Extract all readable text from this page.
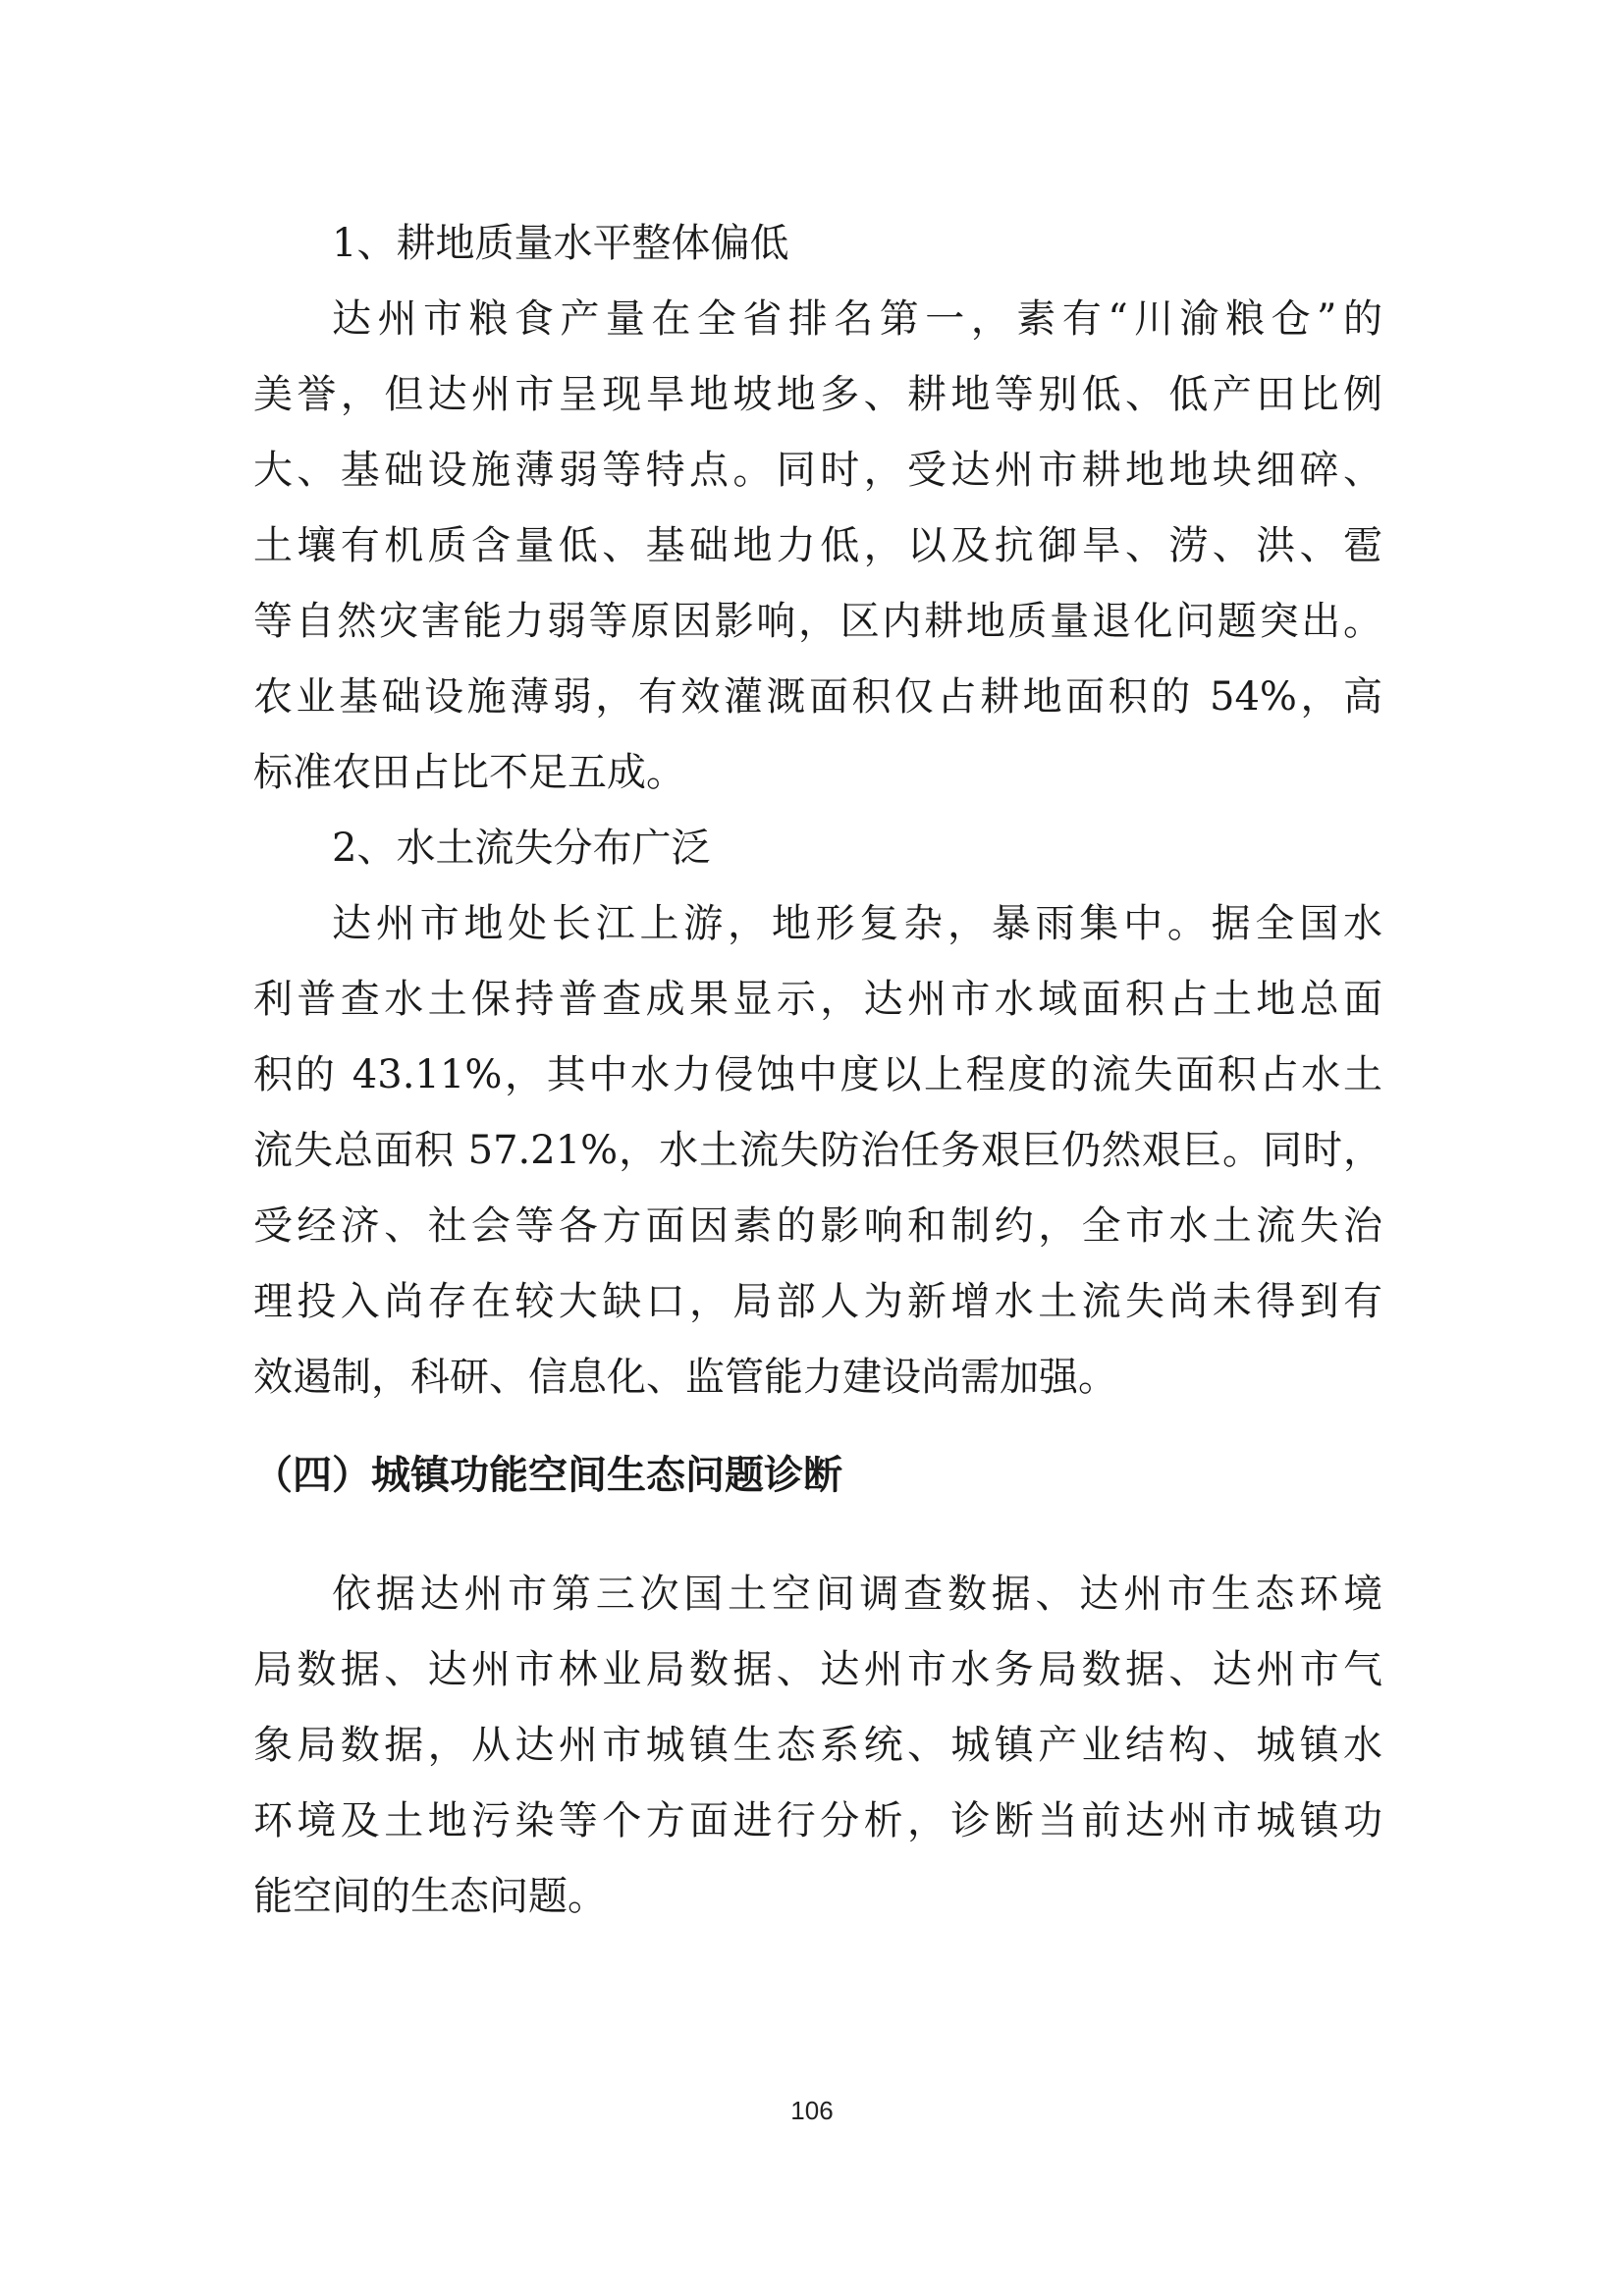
1、耕地质量水平整体偏低
达州市粮食产量在全省排名第一，素有“川渝粮仓”的
美誉，但达州市呈现旱地坡地多、耕地等别低、低产田比例
大、基础设施薄弱等特点。同时，受达州市耕地地块细碎、
土壤有机质含量低、基础地力低，以及抗御旱、涝、洪、雹
等自然灾害能力弱等原因影响，区内耕地质量退化问题突出。
农业基础设施薄弱，有效灌溉面积仅占耕地面积的 54%，高
标准农田占比不足五成。
2、水土流失分布广泛
达州市地处长江上游，地形复杂，暴雨集中。据全国水
利普查水土保持普查成果显示，达州市水域面积占土地总面
积的 43.11%，其中水力侵蚀中度以上程度的流失面积占水土
流失总面积 57.21%，水土流失防治任务艰巨仍然艰巨。同时，
受经济、社会等各方面因素的影响和制约，全市水土流失治
理投入尚存在较大缺口，局部人为新增水土流失尚未得到有
效遏制，科研、信息化、监管能力建设尚需加强。
（四）城镇功能空间生态问题诊断
依据达州市第三次国土空间调查数据、达州市生态环境
局数据、达州市林业局数据、达州市水务局数据、达州市气
象局数据，从达州市城镇生态系统、城镇产业结构、城镇水
环境及土地污染等个方面进行分析，诊断当前达州市城镇功
能空间的生态问题。
106
